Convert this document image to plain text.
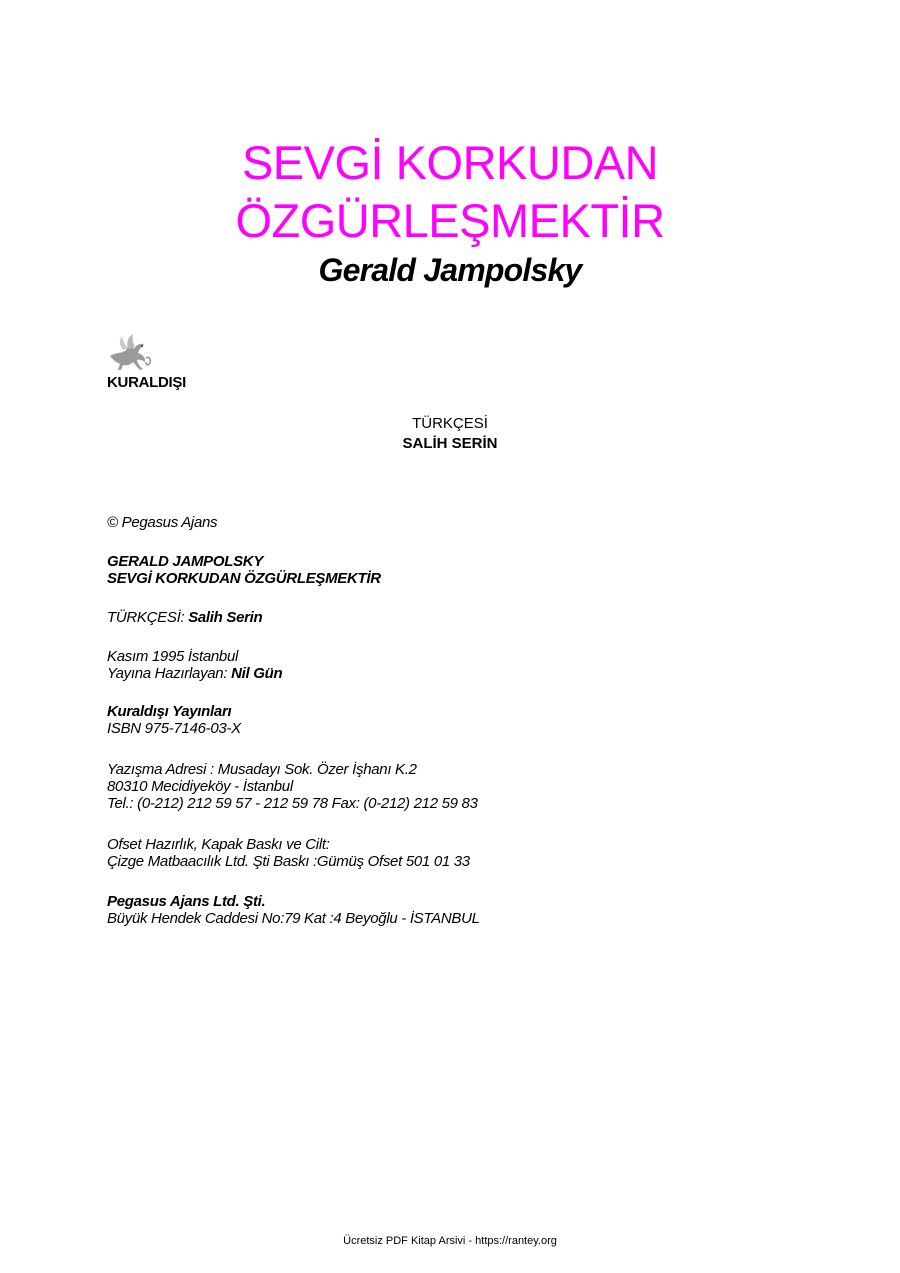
SEVGİ KORKUDAN
ÖZGÜRLEŞMEKTİR
Gerald Jampolsky
KURALDIŞI
TÜRKÇESİ
SALİH SERİN
© Pegasus Ajans
GERALD JAMPOLSKY
SEVGİ KORKUDAN ÖZGÜRLEŞMEKTİR
TÜRKÇESİ: Salih Serin
Kasım 1995 İstanbul
Yayına Hazırlayan: Nil Gün
Kuraldışı Yayınları
ISBN 975-7146-03-X
Yazışma Adresi : Musadayı Sok. Özer İşhanı K.2
80310 Mecidiyeköy - İstanbul
Tel.: (0-212) 212 59 57 - 212 59 78 Fax: (0-212) 212 59 83
Ofset Hazırlık, Kapak Baskı ve Cilt:
Çizge Matbaacılık Ltd. Şti Baskı :Gümüş Ofset 501 01 33
Pegasus Ajans Ltd. Şti.
Büyük Hendek Caddesi No:79 Kat :4 Beyoğlu - İSTANBUL
Ücretsiz PDF Kitap Arsivi - https://rantey.org
